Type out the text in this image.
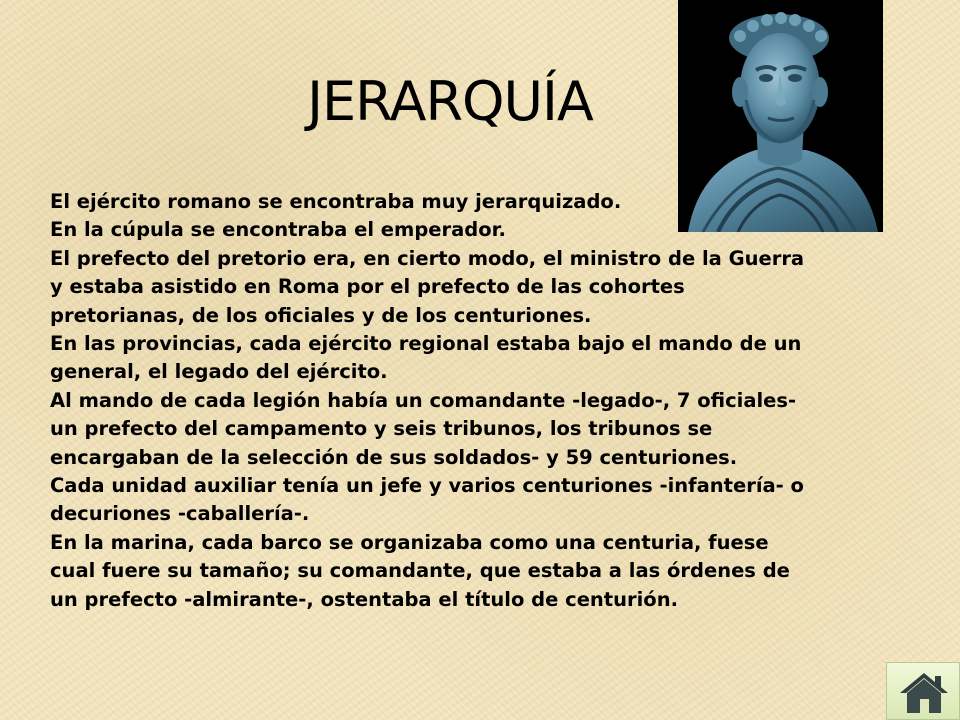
JERARQUÍA
El ejército romano se encontraba muy jerarquizado.
En la cúpula se encontraba el emperador.
El prefecto del pretorio era, en cierto modo, el ministro de la Guerra y estaba asistido en Roma por el prefecto de las cohortes pretorianas, de los oficiales y de los centuriones.
En las provincias, cada ejército regional estaba bajo el mando de un general, el legado del ejército.
Al mando de cada legión había un comandante -legado-, 7 oficiales- un prefecto del campamento y seis tribunos, los tribunos se encargaban de la selección de sus soldados- y 59 centuriones.
Cada unidad auxiliar tenía un jefe y varios centuriones -infantería- o decuriones -caballería-.
En la marina, cada barco se organizaba como una centuria, fuese cual fuere su tamaño; su comandante, que estaba a las órdenes de un prefecto -almirante-, ostentaba el título de centurión.
